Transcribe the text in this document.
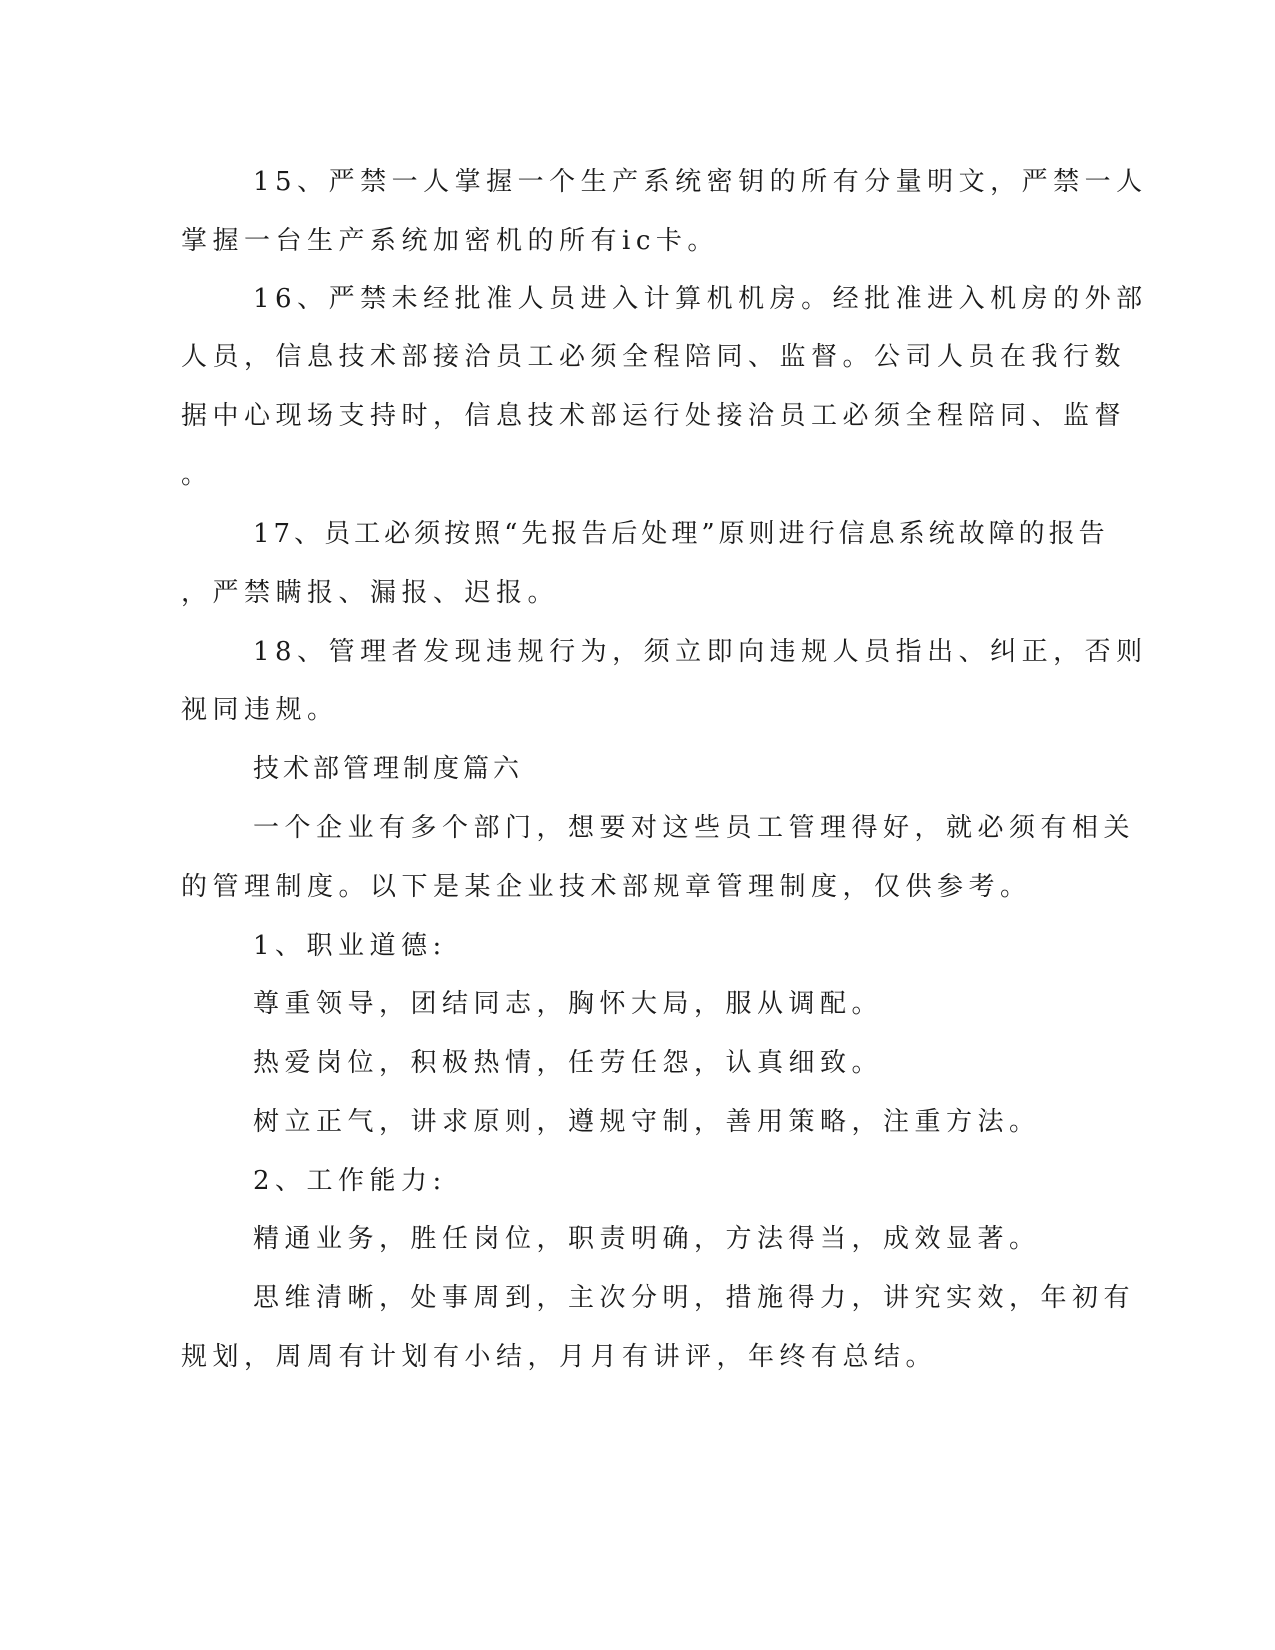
15、严禁一人掌握一个生产系统密钥的所有分量明文，严禁一人
掌握一台生产系统加密机的所有ic卡。
16、严禁未经批准人员进入计算机机房。经批准进入机房的外部
人员，信息技术部接洽员工必须全程陪同、监督。公司人员在我行数
据中心现场支持时，信息技术部运行处接洽员工必须全程陪同、监督
。
17、员工必须按照“先报告后处理”原则进行信息系统故障的报告
，严禁瞒报、漏报、迟报。
18、管理者发现违规行为，须立即向违规人员指出、纠正，否则
视同违规。
技术部管理制度篇六
一个企业有多个部门，想要对这些员工管理得好，就必须有相关
的管理制度。以下是某企业技术部规章管理制度，仅供参考。
1、职业道德:
尊重领导，团结同志，胸怀大局，服从调配。
热爱岗位，积极热情，任劳任怨，认真细致。
树立正气，讲求原则，遵规守制，善用策略，注重方法。
2、工作能力:
精通业务，胜任岗位，职责明确，方法得当，成效显著。
思维清晰，处事周到，主次分明，措施得力，讲究实效，年初有
规划，周周有计划有小结，月月有讲评，年终有总结。
